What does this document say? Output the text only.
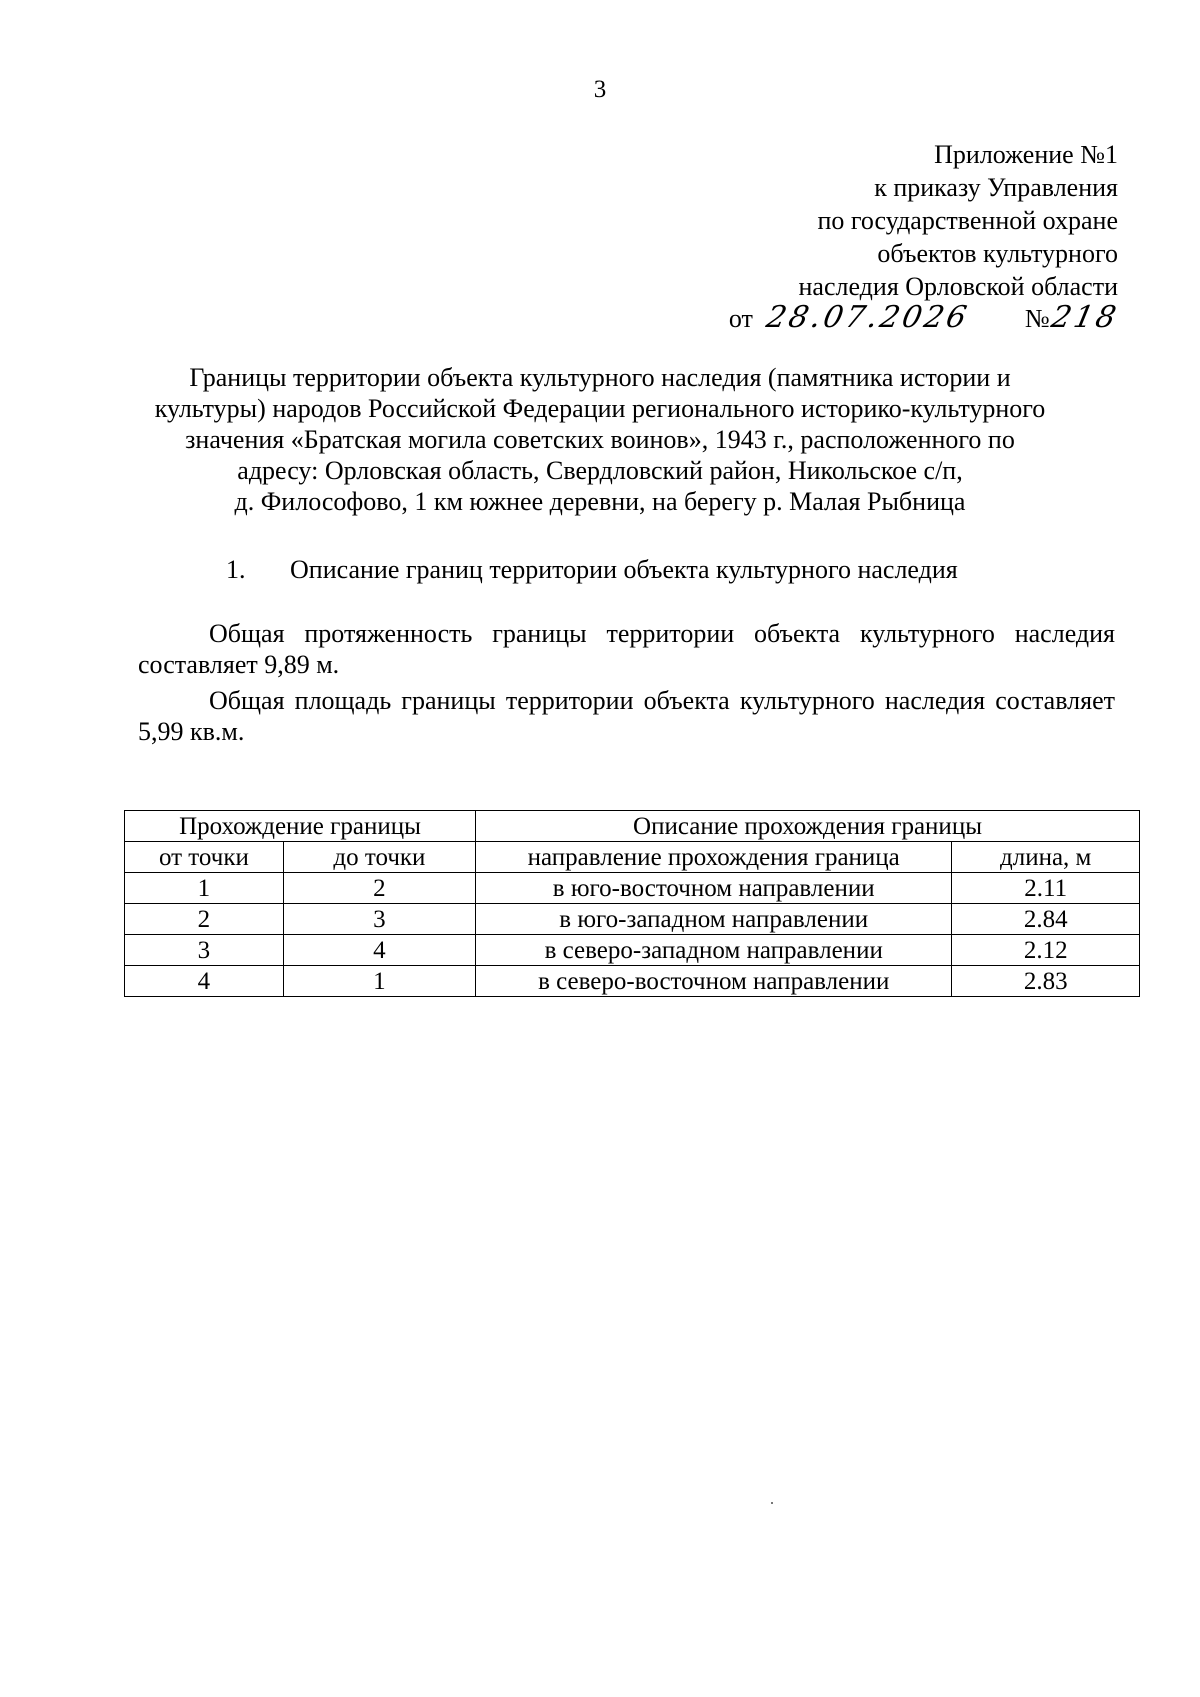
3
Приложение №1
к приказу Управления
по государственной охране
объектов культурного
наследия Орловской области
от 28.07.2026	№
218
Границы территории объекта культурного наследия (памятника истории и
культуры) народов Российской Федерации регионального историко-культурного
значения «Братская могила советских воинов», 1943 г., расположенного по
адресу: Орловская область, Свердловский район, Никольское с/п,
д. Философово, 1 км южнее деревни, на берегу р. Малая Рыбница
1. Описание границ территории объекта культурного наследия
Общая протяженность границы территории объекта культурного наследия составляет 9,89 м.
Общая площадь границы территории объекта культурного наследия составляет 5,99 кв.м.
Прохождение границы		Описание прохождения границы	
от точки	до точки	направление прохождения граница	длина, м
1	2	в юго-восточном направлении	2.11
2	3	в юго-западном направлении	2.84
3	4	в северо-западном направлении	2.12
4	1	в северо-восточном направлении	2.83
